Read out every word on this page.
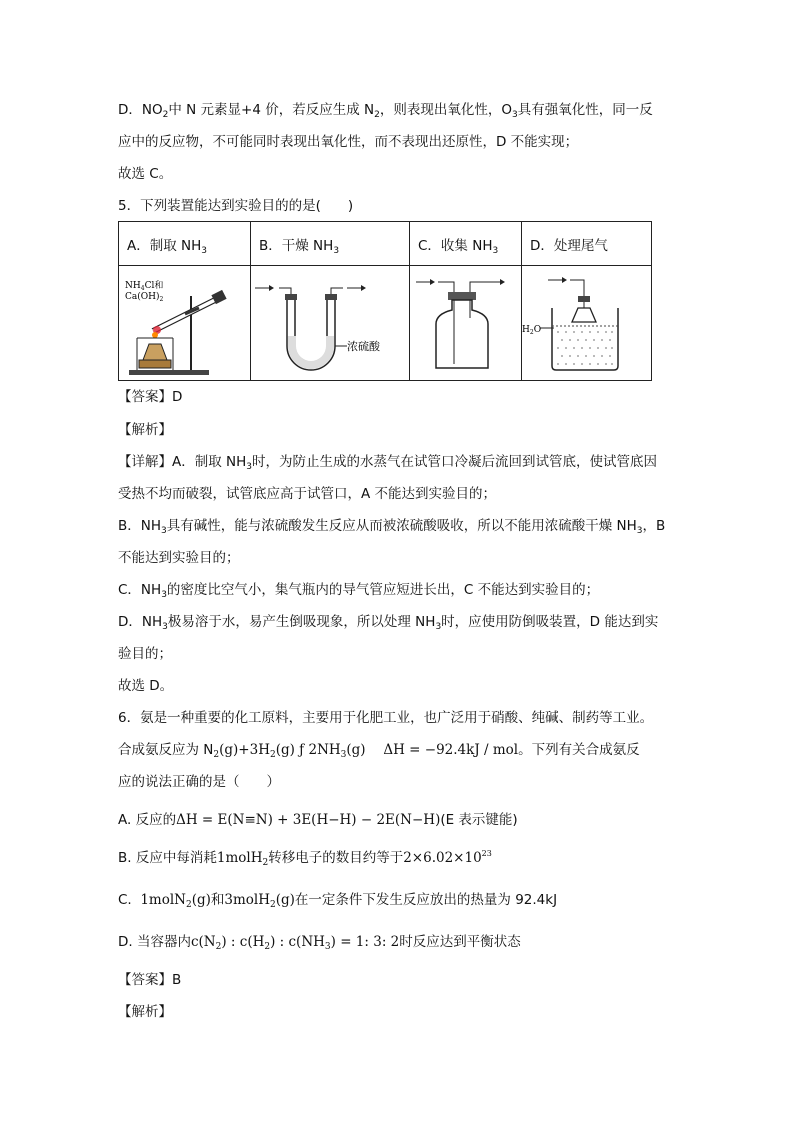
D．$NO_2$中 N 元素显+4 价，若反应生成 $N_2$，则表现出氧化性，$O_3$具有强氧化性，同一反
应中的反应物，不可能同时表现出氧化性，而不表现出还原性，D 不能实现；
故选 C。
5．下列装置能达到实验目的的是(　　)
A．制取 $NH_3$	B．干燥 $NH_3$	C．收集 $NH_3$	D．处理尾气

$NH_4Cl$和
$Ca(OH)_2$	浓硫酸		$H_2O$
【答案】D
【解析】
【详解】A．制取 $NH_3$时，为防止生成的水蒸气在试管口冷凝后流回到试管底，使试管底因
受热不均而破裂，试管底应高于试管口，A 不能达到实验目的；
B．$NH_3$具有碱性，能与浓硫酸发生反应从而被浓硫酸吸收，所以不能用浓硫酸干燥 $NH_3$，B
不能达到实验目的；
C．$NH_3$的密度比空气小，集气瓶内的导气管应短进长出，C 不能达到实验目的；
D．$NH_3$极易溶于水，易产生倒吸现象，所以处理 $NH_3$时，应使用防倒吸装置，D 能达到实
验目的；
故选 D。
6．氨是一种重要的化工原料，主要用于化肥工业，也广泛用于硝酸、纯碱、制药等工业。
合成氨反应为 $N_2(g)+3H_2(g)$ ƒ $2NH_3(g)$　 ΔH = −92.4kJ / mol。下列有关合成氨反
应的说法正确的是（　　）
A. 反应的ΔH = E(N≡N) + 3E(H−H) − 2E(N−H)(E 表示键能)
B. 反应中每消耗1molH$_2$转移电子的数目约等于$2\times 6.02\times 10^{23}$
C. 1molN$_2$(g)和3molH$_2$(g)在一定条件下发生反应放出的热量为 92.4kJ
D. 当容器内$c(N_2)$ : $c(H_2)$ : $c(NH_3) = 1$: 3: 2时反应达到平衡状态
【答案】B
【解析】
